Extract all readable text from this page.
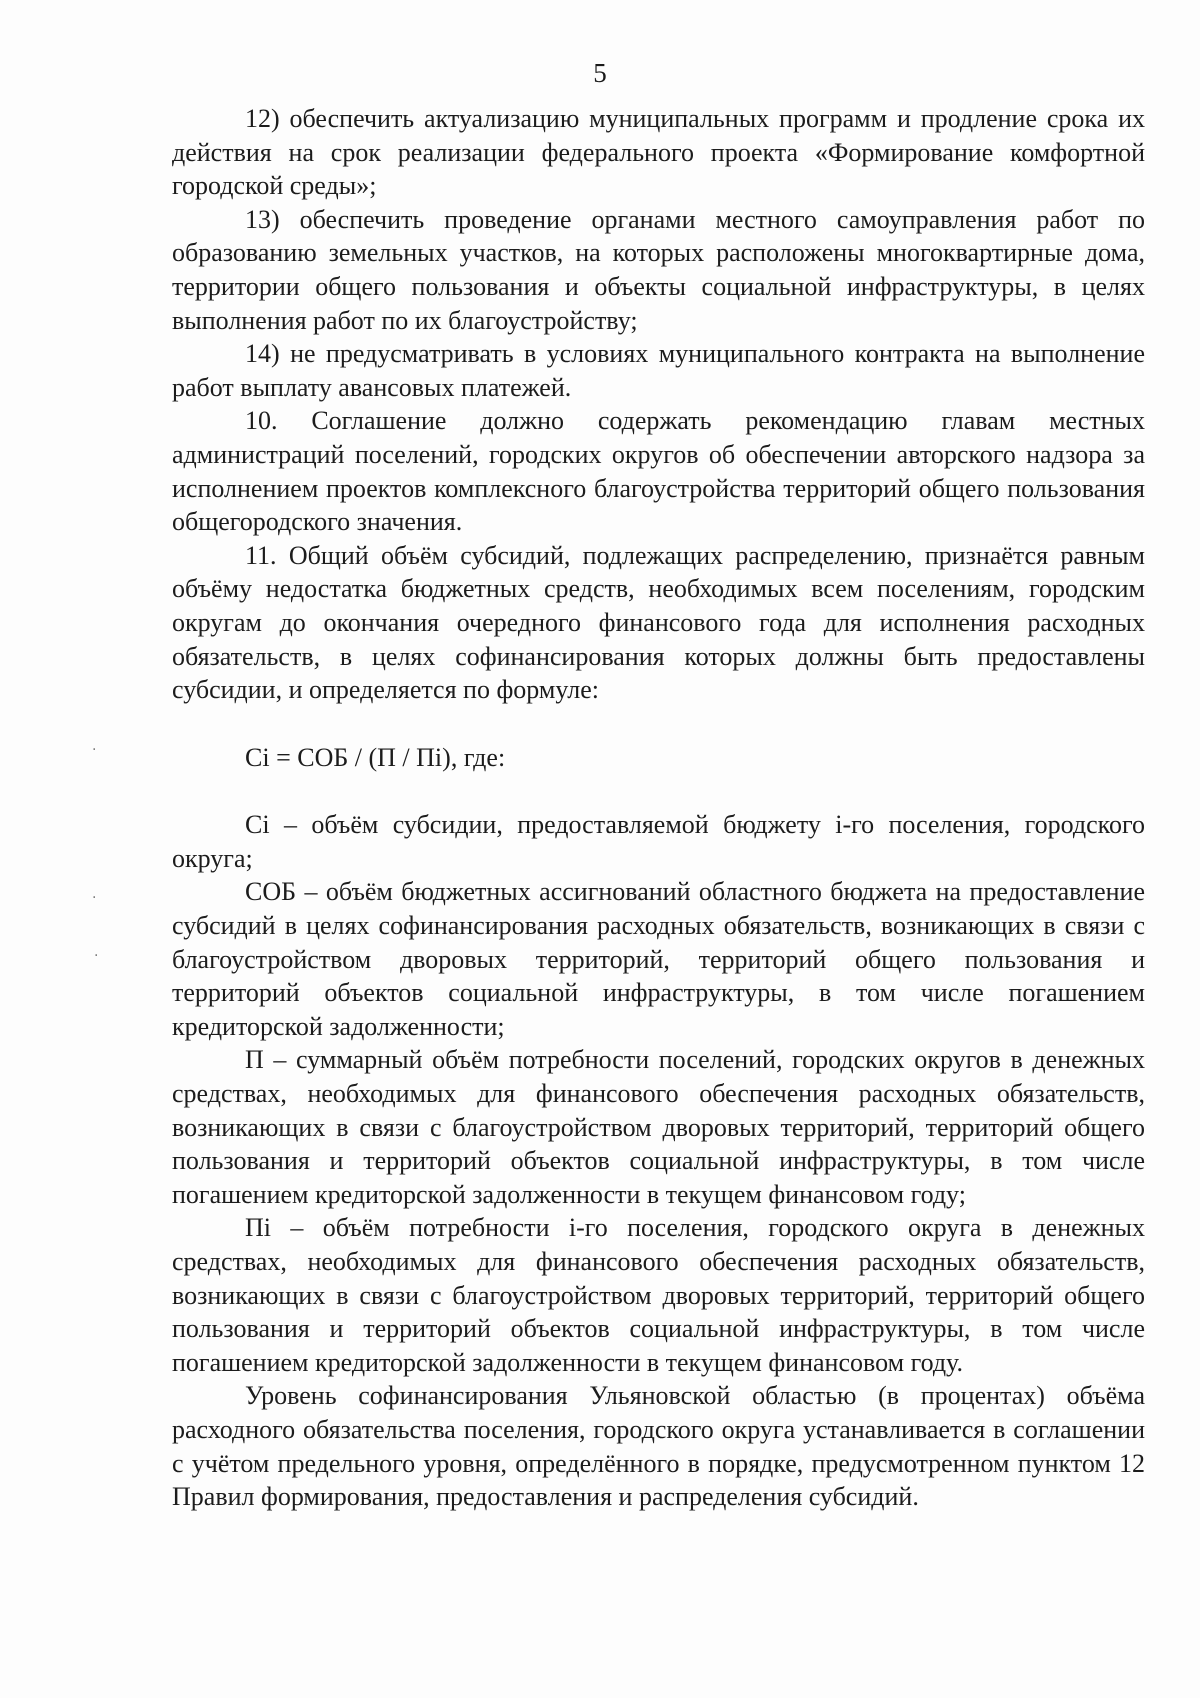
5

12) обеспечить актуализацию муниципальных программ и продление срока их действия на срок реализации федерального проекта «Формирование комфортной городской среды»;

13) обеспечить проведение органами местного самоуправления работ по образованию земельных участков, на которых расположены многоквартирные дома, территории общего пользования и объекты социальной инфраструктуры, в целях выполнения работ по их благоустройству;

14) не предусматривать в условиях муниципального контракта на выполнение работ выплату авансовых платежей.

10. Соглашение должно содержать рекомендацию главам местных администраций поселений, городских округов об обеспечении авторского надзора за исполнением проектов комплексного благоустройства территорий общего пользования общегородского значения.

11. Общий объём субсидий, подлежащих распределению, признаётся равным объёму недостатка бюджетных средств, необходимых всем поселениям, городским округам до окончания очередного финансового года для исполнения расходных обязательств, в целях софинансирования которых должны быть предоставлены субсидии, и определяется по формуле:

Сi = СОБ / (П / Пi), где:

Сi – объём субсидии, предоставляемой бюджету i-го поселения, городского округа;

СОБ – объём бюджетных ассигнований областного бюджета на предоставление субсидий в целях софинансирования расходных обязательств, возникающих в связи с благоустройством дворовых территорий, территорий общего пользования и территорий объектов социальной инфраструктуры, в том числе погашением кредиторской задолженности;

П – суммарный объём потребности поселений, городских округов в денежных средствах, необходимых для финансового обеспечения расходных обязательств, возникающих в связи с благоустройством дворовых территорий, территорий общего пользования и территорий объектов социальной инфраструктуры, в том числе погашением кредиторской задолженности в текущем финансовом году;

Пi – объём потребности i-го поселения, городского округа в денежных средствах, необходимых для финансового обеспечения расходных обязательств, возникающих в связи с благоустройством дворовых территорий, территорий общего пользования и территорий объектов социальной инфраструктуры, в том числе погашением кредиторской задолженности в текущем финансовом году.

Уровень софинансирования Ульяновской областью (в процентах) объёма расходного обязательства поселения, городского округа устанавливается в соглашении с учётом предельного уровня, определённого в порядке, предусмотренном пунктом 12 Правил формирования, предоставления и распределения субсидий.

·
·
·
